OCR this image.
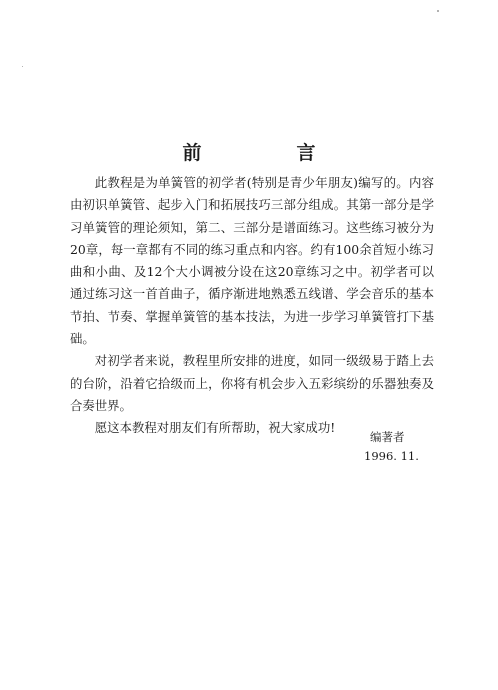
前　言

此教程是为单簧管的初学者(特别是青少年朋友)编写的。内容由初识单簧管、起步入门和拓展技巧三部分组成。其第一部分是学习单簧管的理论须知，第二、三部分是谱面练习。这些练习被分为20章，每一章都有不同的练习重点和内容。约有100余首短小练习曲和小曲、及12个大小调被分设在这20章练习之中。初学者可以通过练习这一首首曲子，循序渐进地熟悉五线谱、学会音乐的基本节拍、节奏、掌握单簧管的基本技法，为进一步学习单簧管打下基础。

对初学者来说，教程里所安排的进度，如同一级级易于踏上去的台阶，沿着它拾级而上，你将有机会步入五彩缤纷的乐器独奏及合奏世界。

愿这本教程对朋友们有所帮助，祝大家成功!

编著者
1996. 11.
